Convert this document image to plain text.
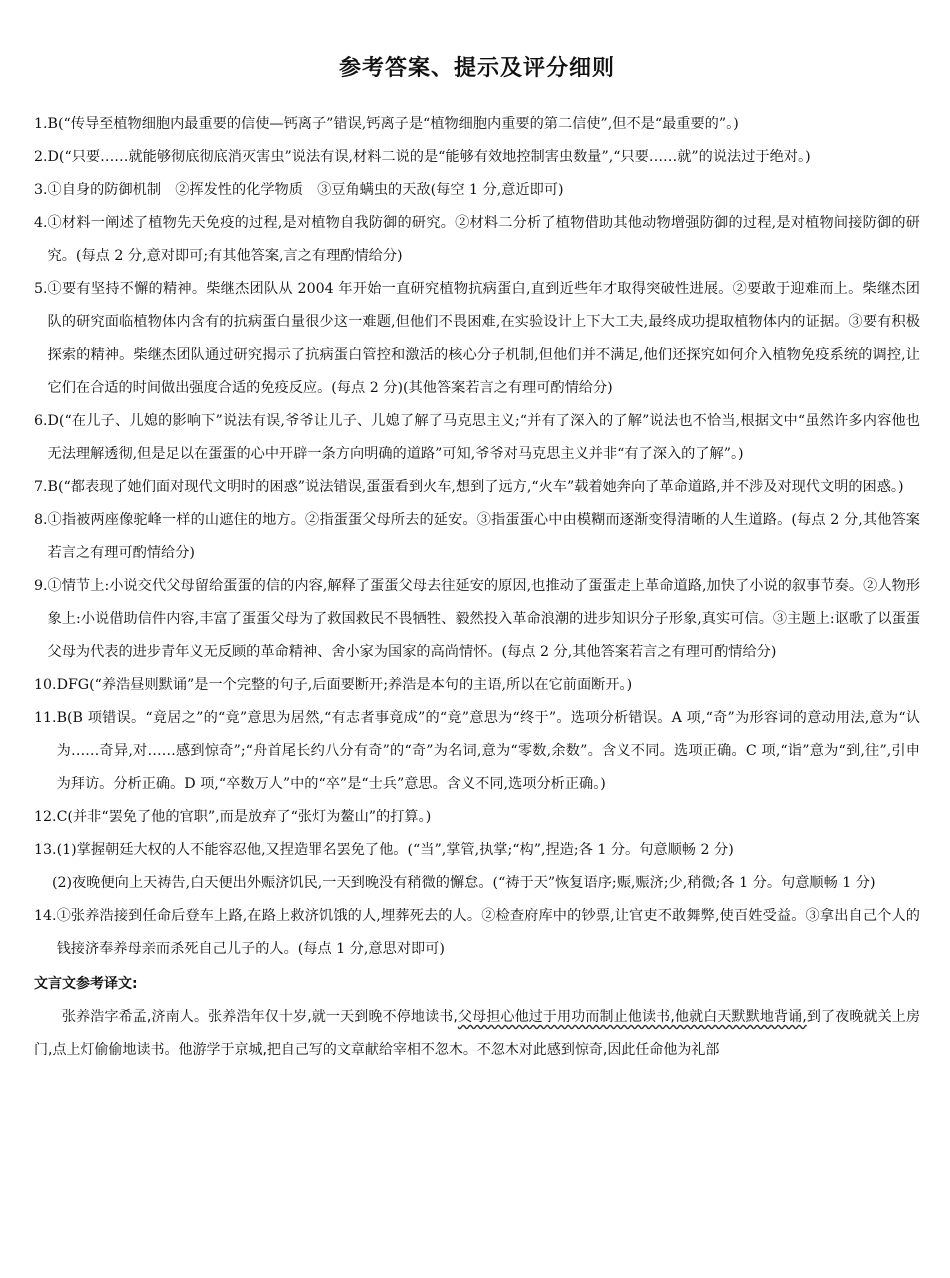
参考答案、提示及评分细则
1. B(“传导至植物细胞内最重要的信使—钙离子”错误,钙离子是“植物细胞内重要的第二信使”,但不是“最重要的”。)
2. D(“只要……就能够彻底彻底消灭害虫”说法有误,材料二说的是“能够有效地控制害虫数量”,“只要……就”的说法过于绝对。)
3. ①自身的防御机制　②挥发性的化学物质　③豆角螨虫的天敌(每空 1 分,意近即可)
4. ①材料一阐述了植物先天免疫的过程,是对植物自我防御的研究。②材料二分析了植物借助其他动物增强防御的过程,是对植物间接防御的研究。(每点 2 分,意对即可;有其他答案,言之有理酌情给分)
5. ①要有坚持不懈的精神。柴继杰团队从 2004 年开始一直研究植物抗病蛋白,直到近些年才取得突破性进展。②要敢于迎难而上。柴继杰团队的研究面临植物体内含有的抗病蛋白量很少这一难题,但他们不畏困难,在实验设计上下大工夫,最终成功提取植物体内的证据。③要有积极探索的精神。柴继杰团队通过研究揭示了抗病蛋白管控和激活的核心分子机制,但他们并不满足,他们还探究如何介入植物免疫系统的调控,让它们在合适的时间做出强度合适的免疫反应。(每点 2 分)(其他答案若言之有理可酌情给分)
6. D(“在儿子、儿媳的影响下”说法有误,爷爷让儿子、儿媳了解了马克思主义;“并有了深入的了解”说法也不恰当,根据文中“虽然许多内容他也无法理解透彻,但是足以在蛋蛋的心中开辟一条方向明确的道路”可知,爷爷对马克思主义并非“有了深入的了解”。)
7. B(“都表现了她们面对现代文明时的困惑”说法错误,蛋蛋看到火车,想到了远方,“火车”载着她奔向了革命道路,并不涉及对现代文明的困惑。)
8. ①指被两座像驼峰一样的山遮住的地方。②指蛋蛋父母所去的延安。③指蛋蛋心中由模糊而逐渐变得清晰的人生道路。(每点 2 分,其他答案若言之有理可酌情给分)
9. ①情节上:小说交代父母留给蛋蛋的信的内容,解释了蛋蛋父母去往延安的原因,也推动了蛋蛋走上革命道路,加快了小说的叙事节奏。②人物形象上:小说借助信件内容,丰富了蛋蛋父母为了救国救民不畏牺牲、毅然投入革命浪潮的进步知识分子形象,真实可信。③主题上:讴歌了以蛋蛋父母为代表的进步青年义无反顾的革命精神、舍小家为国家的高尚情怀。(每点 2 分,其他答案若言之有理可酌情给分)
10. DFG(“养浩昼则默诵”是一个完整的句子,后面要断开;养浩是本句的主语,所以在它前面断开。)
11. B(B 项错误。“竟居之”的“竟”意思为居然,“有志者事竟成”的“竟”意思为“终于”。选项分析错误。A 项,“奇”为形容词的意动用法,意为“认为……奇异,对……感到惊奇”;“舟首尾长约八分有奇”的“奇”为名词,意为“零数,余数”。含义不同。选项正确。C 项,“诣”意为“到,往”,引申为拜访。分析正确。D 项,“卒数万人”中的“卒”是“士兵”意思。含义不同,选项分析正确。)
12. C(并非“罢免了他的官职”,而是放弃了“张灯为鳌山”的打算。)
13. (1)掌握朝廷大权的人不能容忍他,又捏造罪名罢免了他。(“当”,掌管,执掌;“构”,捏造;各 1 分。句意顺畅 2 分)
(2)夜晚便向上天祷告,白天便出外赈济饥民,一天到晚没有稍微的懈怠。(“祷于天”恢复语序;赈,赈济;少,稍微;各 1 分。句意顺畅 1 分)
14. ①张养浩接到任命后登车上路,在路上救济饥饿的人,埋葬死去的人。②检查府库中的钞票,让官吏不敢舞弊,使百姓受益。③拿出自己个人的钱接济奉养母亲而杀死自己儿子的人。(每点 1 分,意思对即可)
文言文参考译文:
张养浩字希孟,济南人。张养浩年仅十岁,就一天到晚不停地读书,父母担心他过于用功而制止他读书,他就白天默默地背诵,到了夜晚就关上房门,点上灯偷偷地读书。他游学于京城,把自己写的文章献给宰相不忽木。不忽木对此感到惊奇,因此任命他为礼部
